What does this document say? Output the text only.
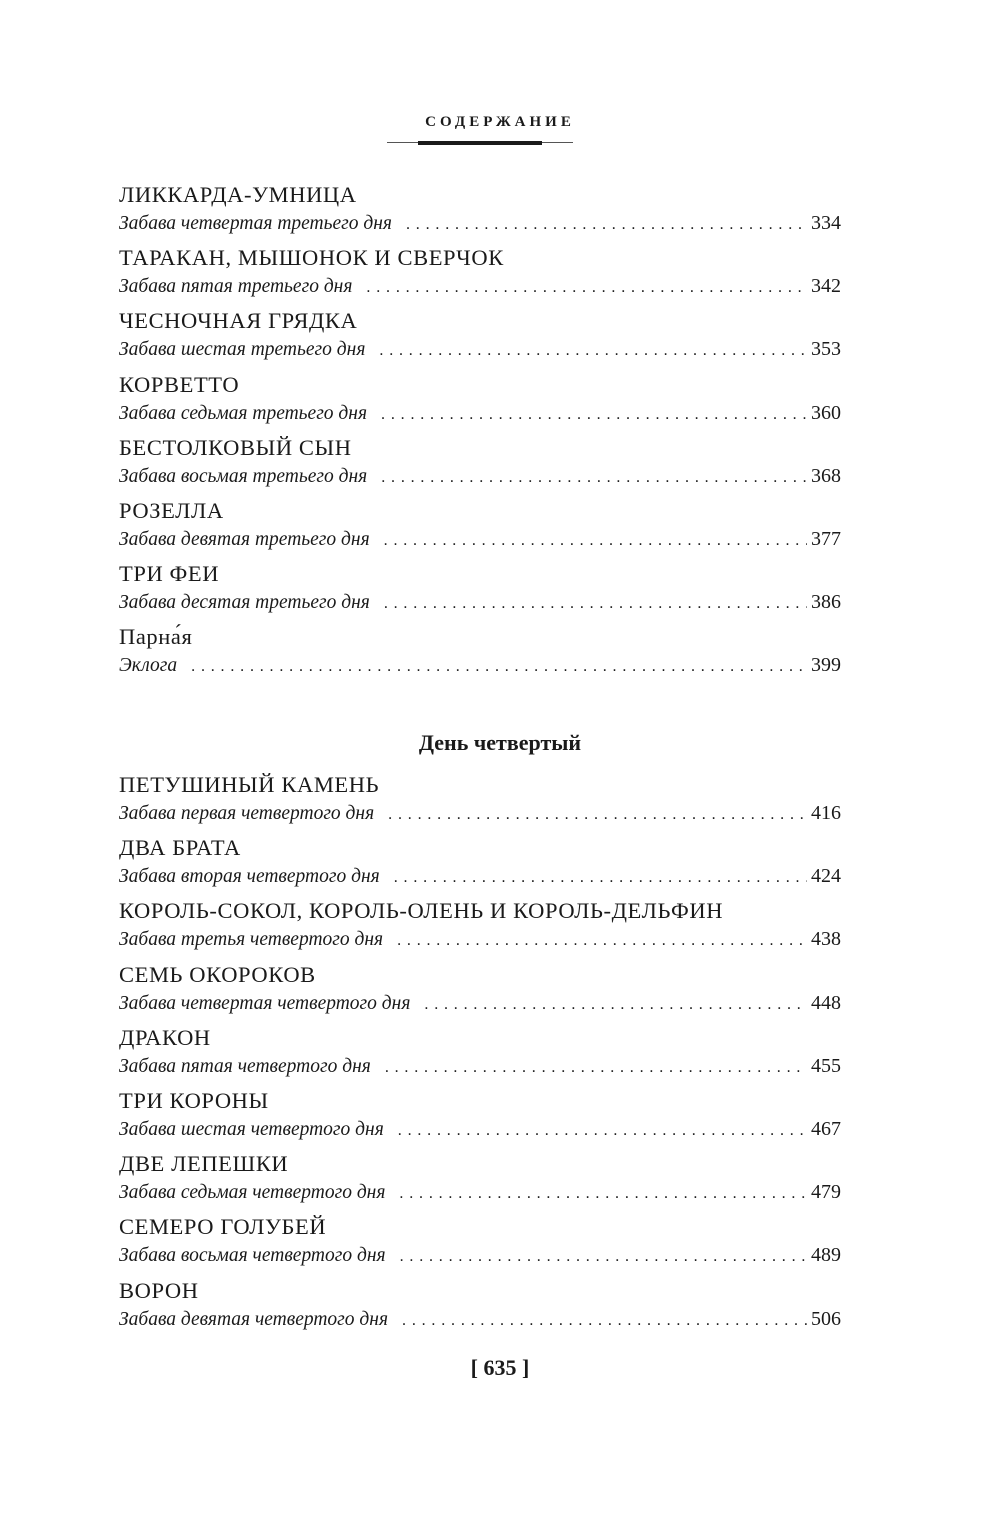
СОДЕРЖАНИЕ
ЛИККАРДА-УМНИЦА
Забава четвертая третьего дня . . .	334
ТАРАКАН, МЫШОНОК И СВЕРЧОК
Забава пятая третьего дня . . .	342
ЧЕСНОЧНАЯ ГРЯДКА
Забава шестая третьего дня . . .	353
КОРВЕТТО
Забава седьмая третьего дня . . .	360
БЕСТОЛКОВЫЙ СЫН
Забава восьмая третьего дня . . .	368
РОЗЕЛЛА
Забава девятая третьего дня . . .	377
ТРИ ФЕИ
Забава десятая третьего дня . . .	386
Парна́я
Эклога . . .	399
День четвертый
ПЕТУШИНЫЙ КАМЕНЬ
Забава первая четвертого дня . . .	416
ДВА БРАТА
Забава вторая четвертого дня . . .	424
КОРОЛЬ-СОКОЛ, КОРОЛЬ-ОЛЕНЬ И КОРОЛЬ-ДЕЛЬФИН
Забава третья четвертого дня . . .	438
СЕМЬ ОКОРОКОВ
Забава четвертая четвертого дня . . .	448
ДРАКОН
Забава пятая четвертого дня . . .	455
ТРИ КОРОНЫ
Забава шестая четвертого дня . . .	467
ДВЕ ЛЕПЕШКИ
Забава седьмая четвертого дня . . .	479
СЕМЕРО ГОЛУБЕЙ
Забава восьмая четвертого дня . . .	489
ВОРОН
Забава девятая четвертого дня . . .	506
[ 635 ]
